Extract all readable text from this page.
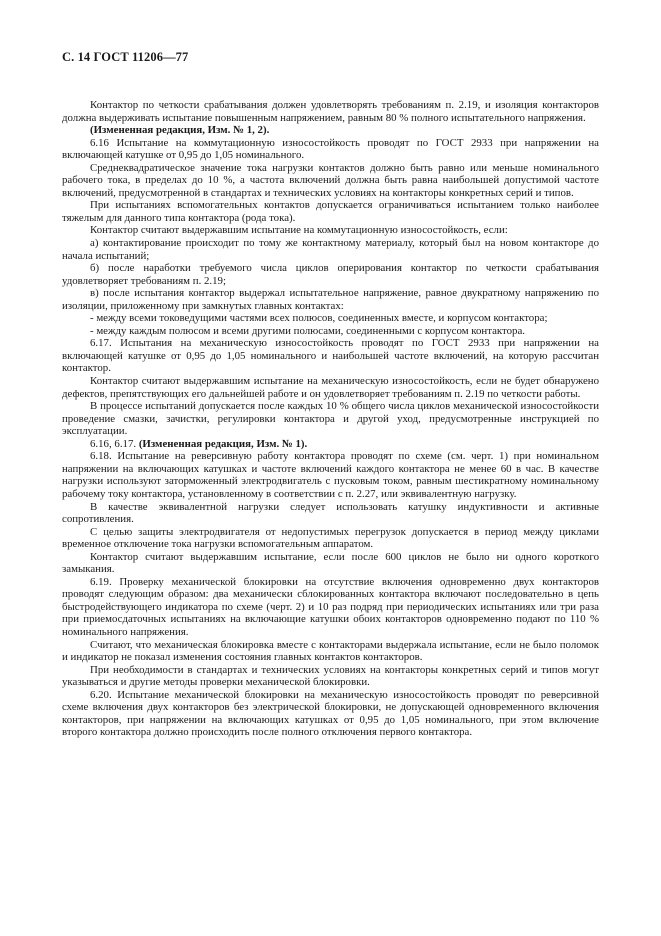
С. 14 ГОСТ 11206—77

Контактор по четкости срабатывания должен удовлетворять требованиям п. 2.19, и изоляция контакторов должна выдерживать испытание повышенным напряжением, равным 80 % полного испытательного напряжения.

(Измененная редакция, Изм. № 1, 2).

6.16 Испытание на коммутационную износостойкость проводят по ГОСТ 2933 при напряжении на включающей катушке от 0,95 до 1,05 номинального.

Среднеквадратическое значение тока нагрузки контактов должно быть равно или меньше номинального рабочего тока, в пределах до 10 %, а частота включений должна быть равна наибольшей допустимой частоте включений, предусмотренной в стандартах и технических условиях на контакторы конкретных серий и типов.

При испытаниях вспомогательных контактов допускается ограничиваться испытанием только наиболее тяжелым для данного типа контактора (рода тока).

Контактор считают выдержавшим испытание на коммутационную износостойкость, если:

а) контактирование происходит по тому же контактному материалу, который был на новом контакторе до начала испытаний;

б) после наработки требуемого числа циклов оперирования контактор по четкости срабатывания удовлетворяет требованиям п. 2.19;

в) после испытания контактор выдержал испытательное напряжение, равное двукратному напряжению по изоляции, приложенному при замкнутых главных контактах:

- между всеми токоведущими частями всех полюсов, соединенных вместе, и корпусом контактора;

- между каждым полюсом и всеми другими полюсами, соединенными с корпусом контактора.

6.17. Испытания на механическую износостойкость проводят по ГОСТ 2933 при напряжении на включающей катушке от 0,95 до 1,05 номинального и наибольшей частоте включений, на которую рассчитан контактор.

Контактор считают выдержавшим испытание на механическую износостойкость, если не будет обнаружено дефектов, препятствующих его дальнейшей работе и он удовлетворяет требованиям п. 2.19 по четкости работы.

В процессе испытаний допускается после каждых 10 % общего числа циклов механической износостойкости проведение смазки, зачистки, регулировки контактора и другой уход, предусмотренные инструкцией по эксплуатации.

6.16, 6.17. (Измененная редакция, Изм. № 1).

6.18. Испытание на реверсивную работу контактора проводят по схеме (см. черт. 1) при номинальном напряжении на включающих катушках и частоте включений каждого контактора не менее 60 в час. В качестве нагрузки используют заторможенный электродвигатель с пусковым током, равным шестикратному номинальному рабочему току контактора, установленному в соответствии с п. 2.27, или эквивалентную нагрузку.

В качестве эквивалентной нагрузки следует использовать катушку индуктивности и активные сопротивления.

С целью защиты электродвигателя от недопустимых перегрузок допускается в период между циклами временное отключение тока нагрузки вспомогательным аппаратом.

Контактор считают выдержавшим испытание, если после 600 циклов не было ни одного короткого замыкания.

6.19. Проверку механической блокировки на отсутствие включения одновременно двух контакторов проводят следующим образом: два механически сблокированных контактора включают последовательно в цепь быстродействующего индикатора по схеме (черт. 2) и 10 раз подряд при периодических испытаниях или три раза при приемосдаточных испытаниях на включающие катушки обоих контакторов одновременно подают по 110 % номинального напряжения.

Считают, что механическая блокировка вместе с контакторами выдержала испытание, если не было поломок и индикатор не показал изменения состояния главных контактов контакторов.

При необходимости в стандартах и технических условиях на контакторы конкретных серий и типов могут указываться и другие методы проверки механической блокировки.

6.20. Испытание механической блокировки на механическую износостойкость проводят по реверсивной схеме включения двух контакторов без электрической блокировки, не допускающей одновременного включения контакторов, при напряжении на включающих катушках от 0,95 до 1,05 номинального, при этом включение второго контактора должно происходить после полного отключения первого контактора.
